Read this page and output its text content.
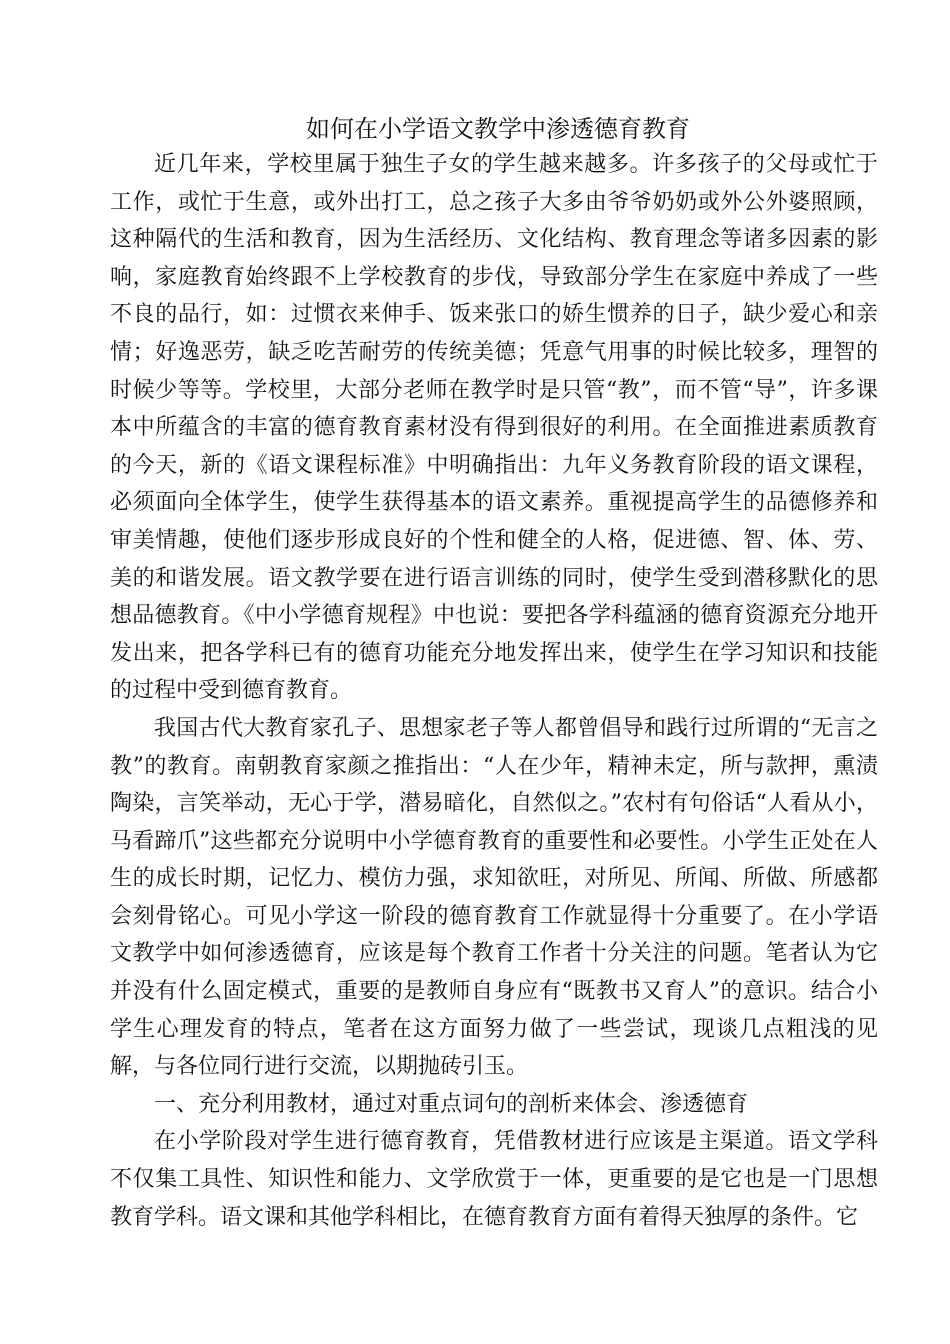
如何在小学语文教学中渗透德育教育

近几年来，学校里属于独生子女的学生越来越多。许多孩子的父母或忙于工作，或忙于生意，或外出打工，总之孩子大多由爷爷奶奶或外公外婆照顾，这种隔代的生活和教育，因为生活经历、文化结构、教育理念等诸多因素的影响，家庭教育始终跟不上学校教育的步伐，导致部分学生在家庭中养成了一些不良的品行，如：过惯衣来伸手、饭来张口的娇生惯养的日子，缺少爱心和亲情；好逸恶劳，缺乏吃苦耐劳的传统美德；凭意气用事的时候比较多，理智的时候少等等。学校里，大部分老师在教学时是只管“教”，而不管“导”，许多课本中所蕴含的丰富的德育教育素材没有得到很好的利用。在全面推进素质教育的今天，新的《语文课程标准》中明确指出：九年义务教育阶段的语文课程，必须面向全体学生，使学生获得基本的语文素养。重视提高学生的品德修养和审美情趣，使他们逐步形成良好的个性和健全的人格，促进德、智、体、劳、美的和谐发展。语文教学要在进行语言训练的同时，使学生受到潜移默化的思想品德教育。《中小学德育规程》中也说：要把各学科蕴涵的德育资源充分地开发出来，把各学科已有的德育功能充分地发挥出来，使学生在学习知识和技能的过程中受到德育教育。

我国古代大教育家孔子、思想家老子等人都曾倡导和践行过所谓的“无言之教”的教育。南朝教育家颜之推指出：“人在少年，精神未定，所与款押，熏渍陶染，言笑举动，无心于学，潜易暗化，自然似之。”农村有句俗话“人看从小，马看蹄爪”这些都充分说明中小学德育教育的重要性和必要性。小学生正处在人生的成长时期，记忆力、模仿力强，求知欲旺，对所见、所闻、所做、所感都会刻骨铭心。可见小学这一阶段的德育教育工作就显得十分重要了。在小学语文教学中如何渗透德育，应该是每个教育工作者十分关注的问题。笔者认为它并没有什么固定模式，重要的是教师自身应有“既教书又育人”的意识。结合小学生心理发育的特点，笔者在这方面努力做了一些尝试，现谈几点粗浅的见解，与各位同行进行交流，以期抛砖引玉。

一、充分利用教材，通过对重点词句的剖析来体会、渗透德育

在小学阶段对学生进行德育教育，凭借教材进行应该是主渠道。语文学科不仅集工具性、知识性和能力、文学欣赏于一体，更重要的是它也是一门思想教育学科。语文课和其他学科相比，在德育教育方面有着得天独厚的条件。它
